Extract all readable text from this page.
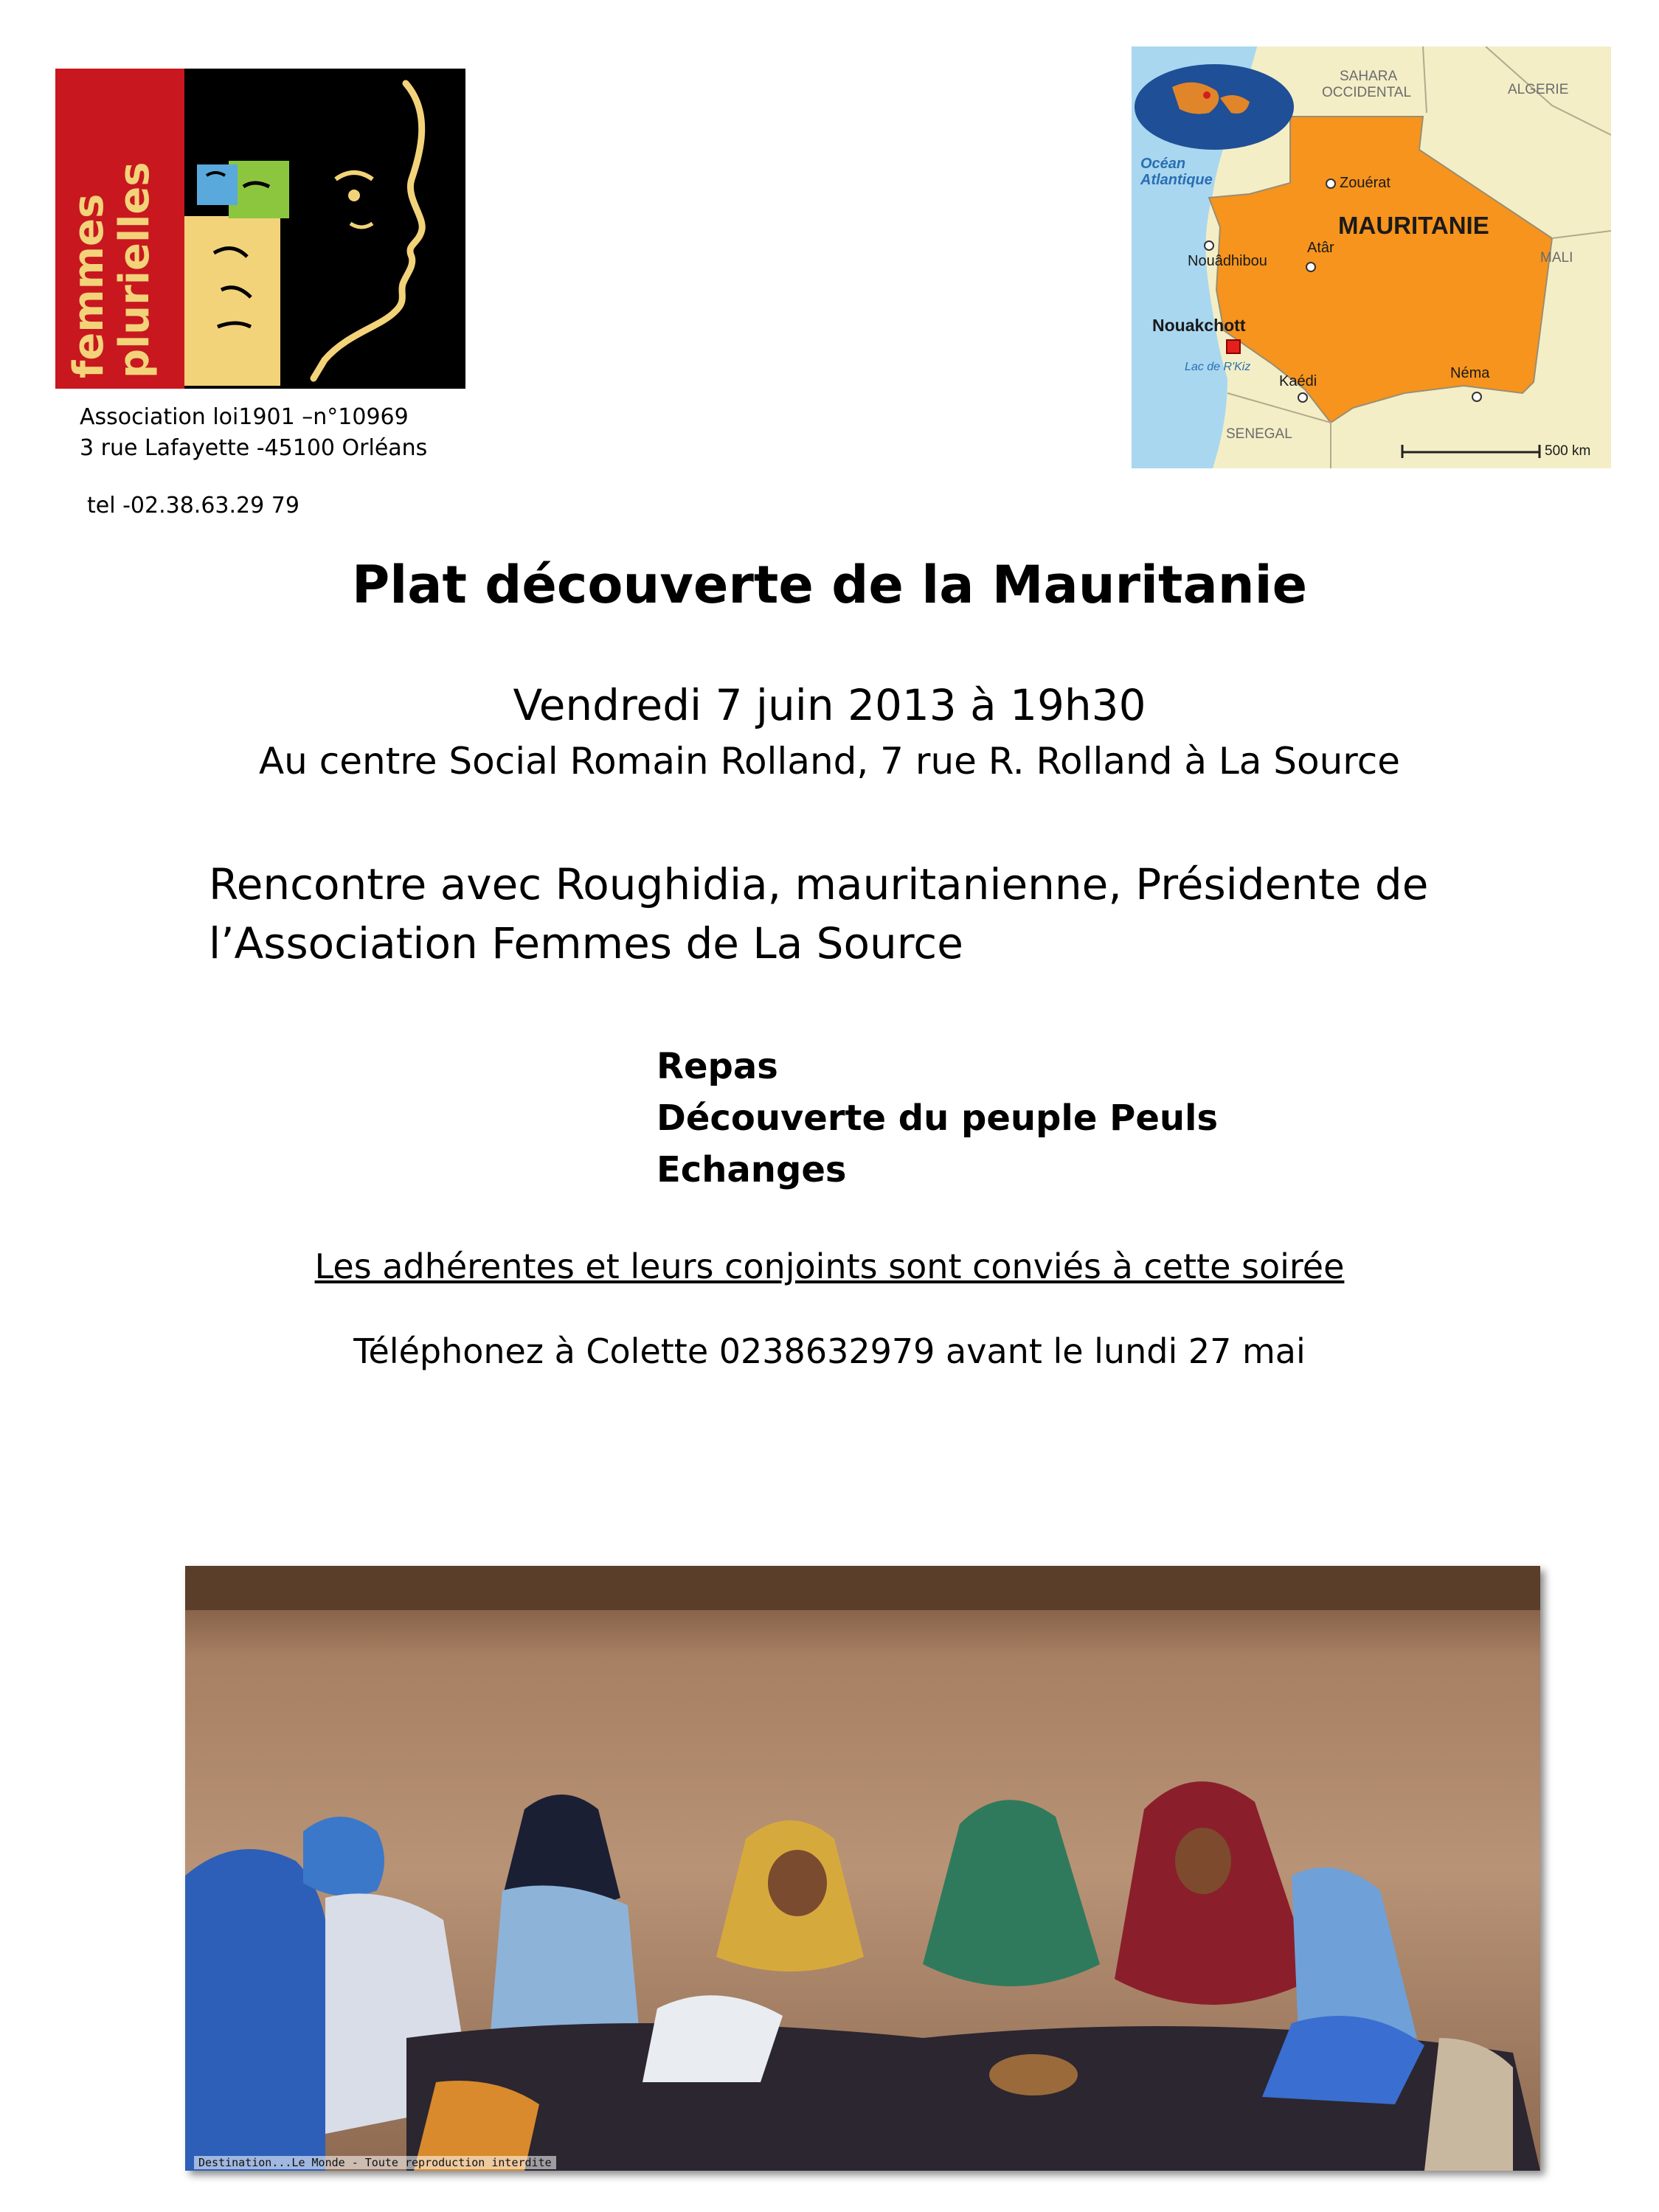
femmes
plurielles
Association loi1901 –n°10969
3 rue Lafayette -45100 Orléans
tel -02.38.63.29 79
SAHARA
OCCIDENTAL	ALGERIE
Océan
Atlantique
MALI
SENEGAL
MAURITANIE
Zouérat
Nouâdhibou
Atâr
Nouakchott
Lac de R'Kiz
Kaédi	Néma
500 km
Plat découverte de la Mauritanie
Vendredi 7 juin 2013 à 19h30
Au centre Social Romain Rolland, 7 rue R. Rolland à La Source
Rencontre avec Roughidia, mauritanienne, Présidente de
l’Association Femmes de La Source
Repas
Découverte du peuple Peuls
Echanges
Les adhérentes et leurs conjoints sont conviés à cette soirée
Téléphonez à Colette 0238632979 avant le lundi 27 mai
Destination...Le Monde - Toute reproduction interdite
